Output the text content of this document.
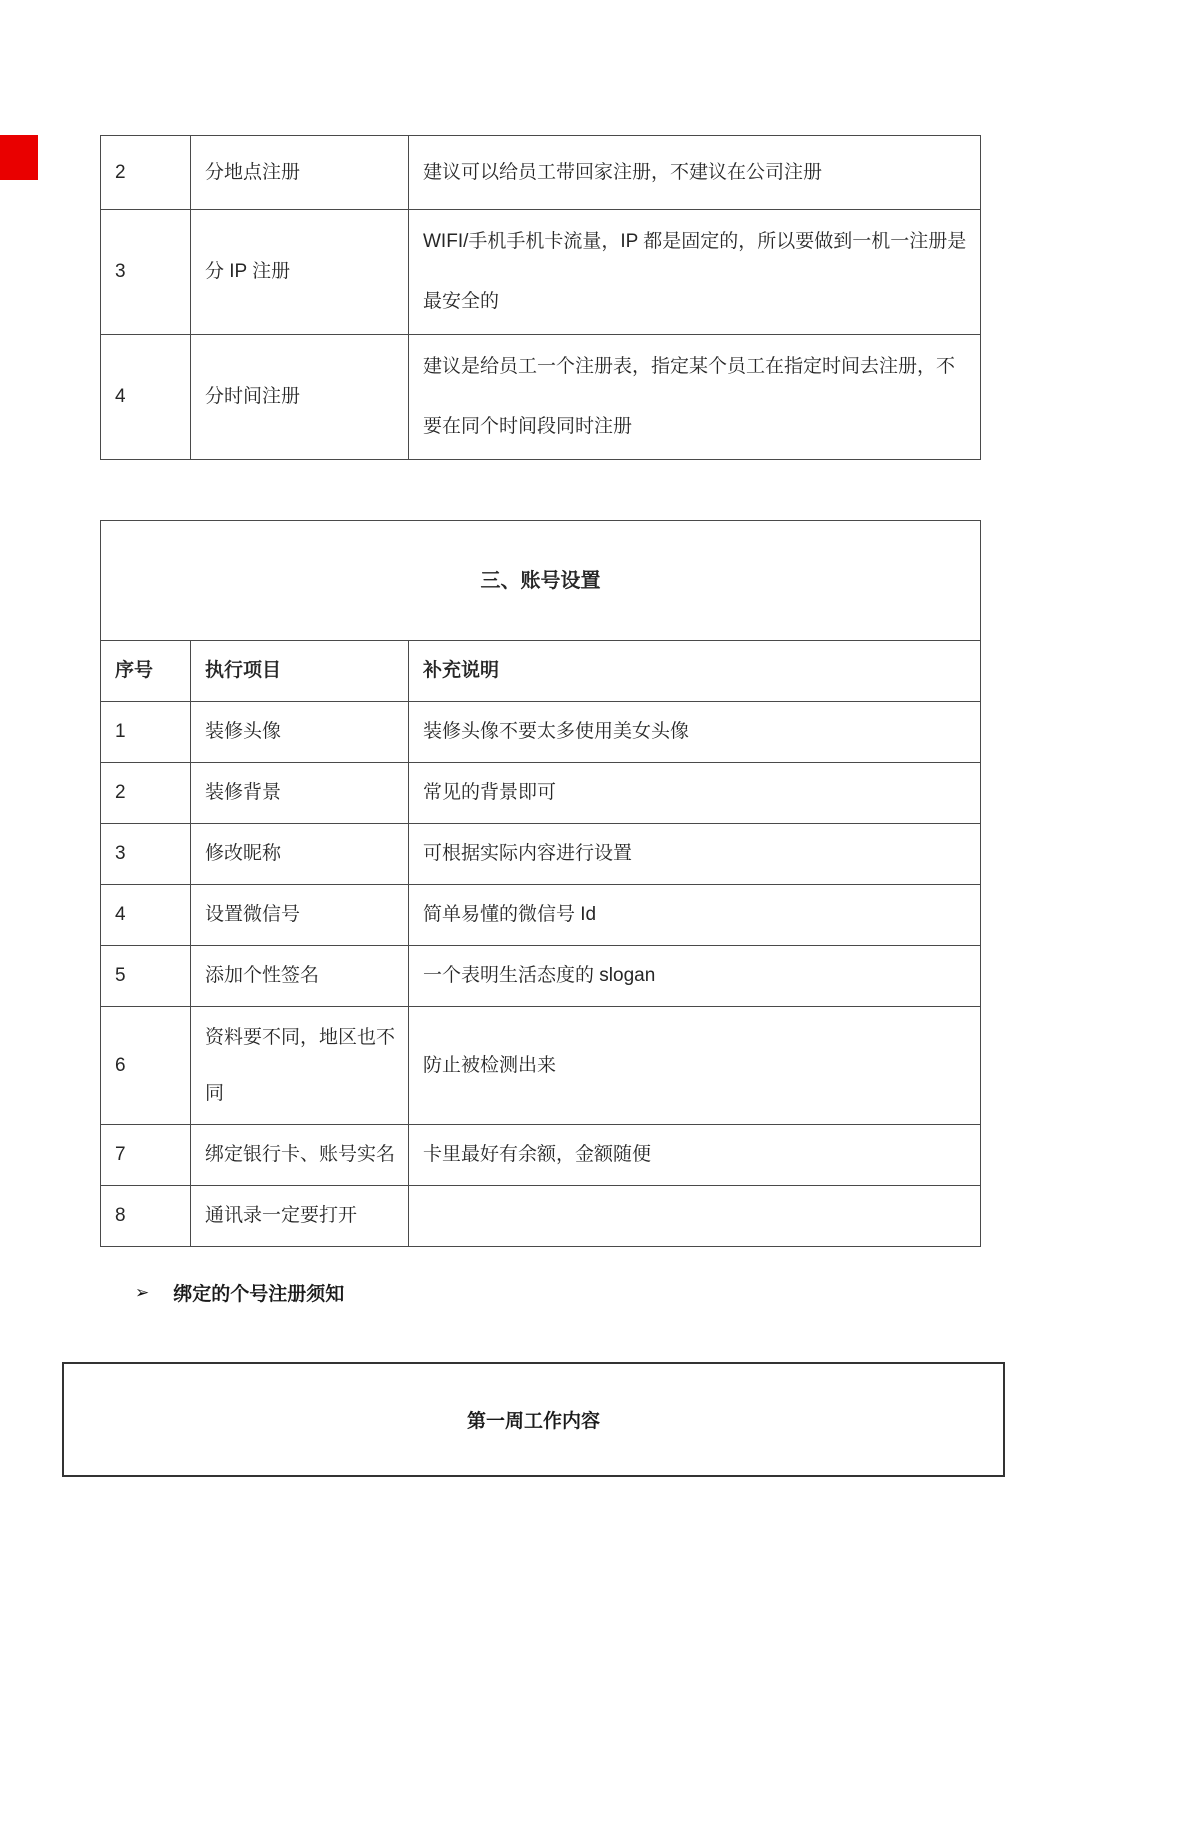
2	分地点注册	建议可以给员工带回家注册，不建议在公司注册
3	分 IP 注册	WIFI/手机手机卡流量，IP 都是固定的，所以要做到一机一注册是最安全的
4	分时间注册	建议是给员工一个注册表，指定某个员工在指定时间去注册，不要在同个时间段同时注册
三、账号设置		
序号	执行项目	补充说明
1	装修头像	装修头像不要太多使用美女头像
2	装修背景	常见的背景即可
3	修改昵称	可根据实际内容进行设置
4	设置微信号	简单易懂的微信号 Id
5	添加个性签名	一个表明生活态度的 slogan
6	资料要不同，地区也不同	防止被检测出来
7	绑定银行卡、账号实名	卡里最好有余额，金额随便
8	通讯录一定要打开	
➢ 绑定的个号注册须知
第一周工作内容
